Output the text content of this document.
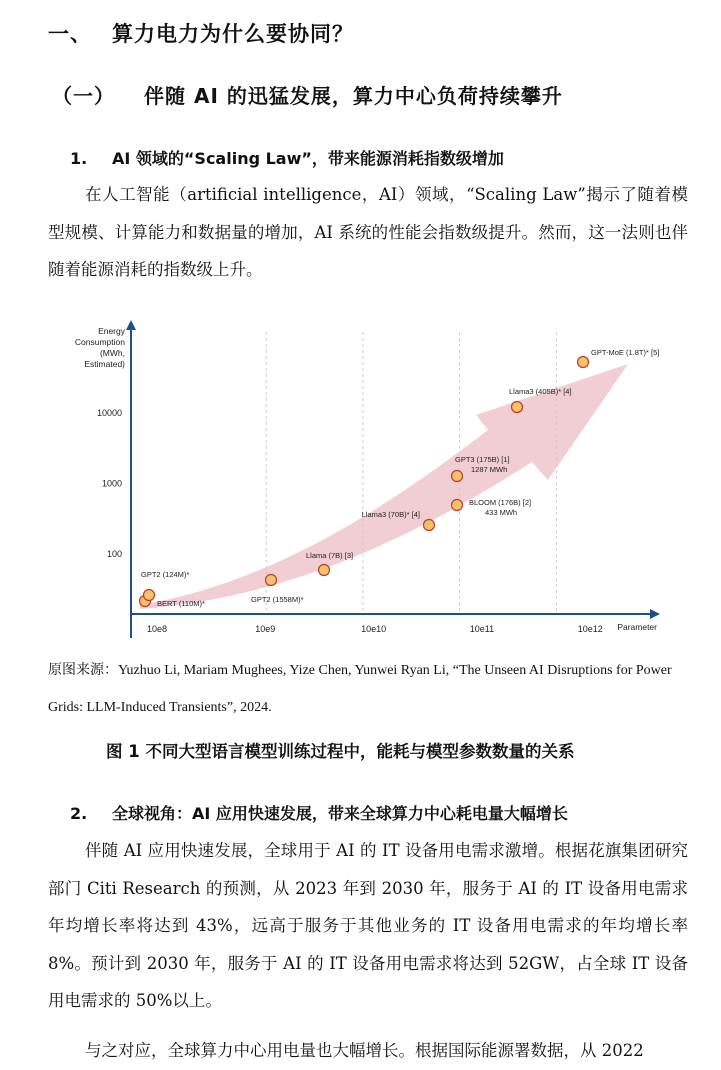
一、 算力电力为什么要协同？
（一） 伴随 AI 的迅猛发展，算力中心负荷持续攀升
1. AI 领域的“Scaling Law”，带来能源消耗指数级增加
在人工智能（artificial intelligence，AI）领域，“Scaling Law”揭示了随着模型规模、计算能力和数据量的增加，AI 系统的性能会指数级提升。然而，这一法则也伴随着能源消耗的指数级上升。
Energy
Consumption
(MWh,
Estimated)
Parameter
10e8	10e9	10e10	10e11	10e12
100
1000
10000
BERT (110M)*
GPT2 (124M)*
GPT2 (1558M)*
Llama (7B) [3]
Llama3 (70B)* [4]
BLOOM (176B) [2]
433 MWh
GPT3 (175B) [1]
1287 MWh
Llama3 (405B)* [4]
GPT-MoE (1.8T)* [5]
原图来源：Yuzhuo Li, Mariam Mughees, Yize Chen, Yunwei Ryan Li, “The Unseen AI Disruptions for Power Grids: LLM-Induced Transients”, 2024.
图 1 不同大型语言模型训练过程中，能耗与模型参数数量的关系
2. 全球视角：AI 应用快速发展，带来全球算力中心耗电量大幅增长
伴随 AI 应用快速发展，全球用于 AI 的 IT 设备用电需求激增。根据花旗集团研究部门 Citi Research 的预测，从 2023 年到 2030 年，服务于 AI 的 IT 设备用电需求年均增长率将达到 43%，远高于服务于其他业务的 IT 设备用电需求的年均增长率 8%。预计到 2030 年，服务于 AI 的 IT 设备用电需求将达到 52GW，占全球 IT 设备用电需求的 50%以上。
与之对应，全球算力中心用电量也大幅增长。根据国际能源署数据，从 2022
